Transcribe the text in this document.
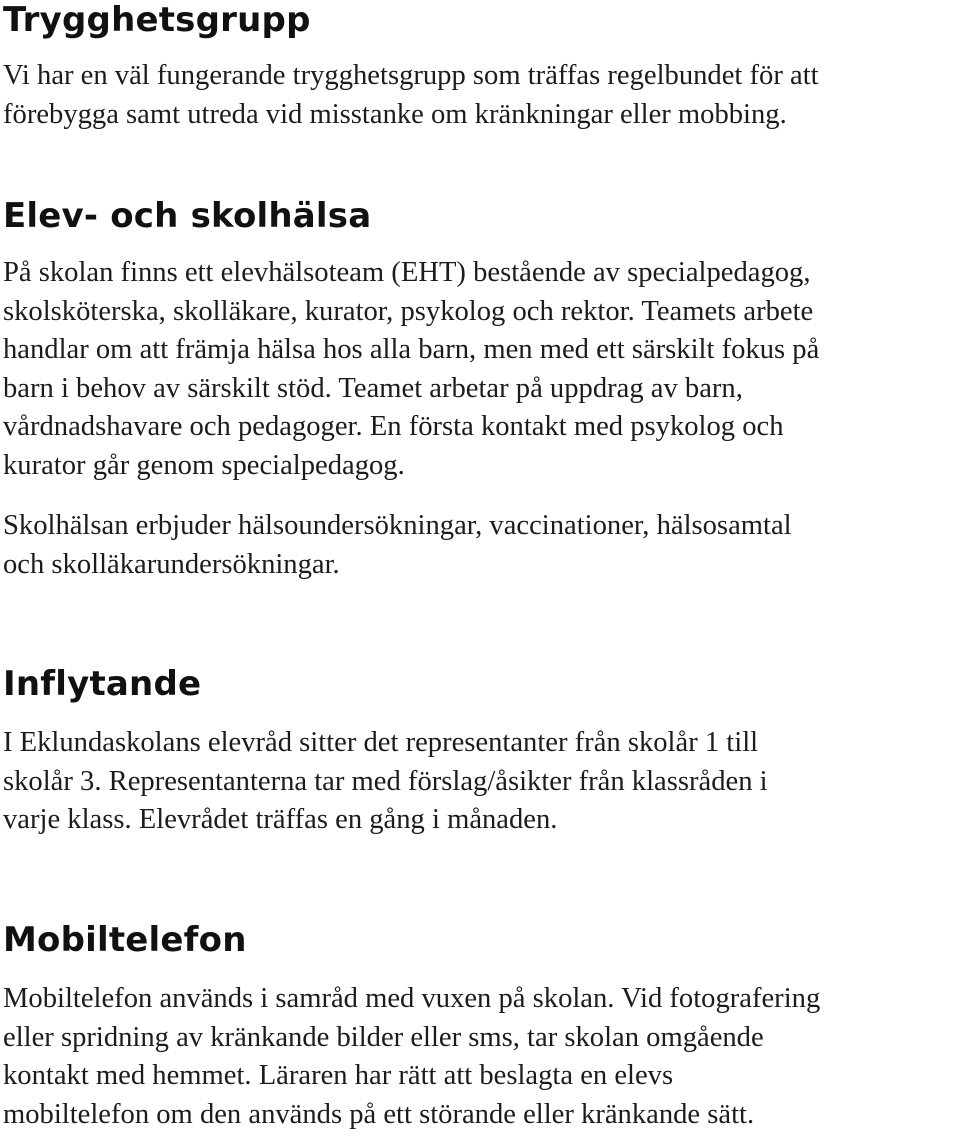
Trygghetsgrupp

Vi har en väl fungerande trygghetsgrupp som träffas regelbundet för att
förebygga samt utreda vid misstanke om kränkningar eller mobbing.

Elev- och skolhälsa

På skolan finns ett elevhälsoteam (EHT) bestående av specialpedagog,
skolsköterska, skolläkare, kurator, psykolog och rektor. Teamets arbete
handlar om att främja hälsa hos alla barn, men med ett särskilt fokus på
barn i behov av särskilt stöd. Teamet arbetar på uppdrag av barn,
vårdnadshavare och pedagoger. En första kontakt med psykolog och
kurator går genom specialpedagog.

Skolhälsan erbjuder hälsoundersökningar, vaccinationer, hälsosamtal
och skolläkarundersökningar.

Inflytande

I Eklundaskolans elevråd sitter det representanter från skolår 1 till
skolår 3. Representanterna tar med förslag/åsikter från klassråden i
varje klass. Elevrådet träffas en gång i månaden.

Mobiltelefon

Mobiltelefon används i samråd med vuxen på skolan. Vid fotografering
eller spridning av kränkande bilder eller sms, tar skolan omgående
kontakt med hemmet. Läraren har rätt att beslagta en elevs
mobiltelefon om den används på ett störande eller kränkande sätt.
